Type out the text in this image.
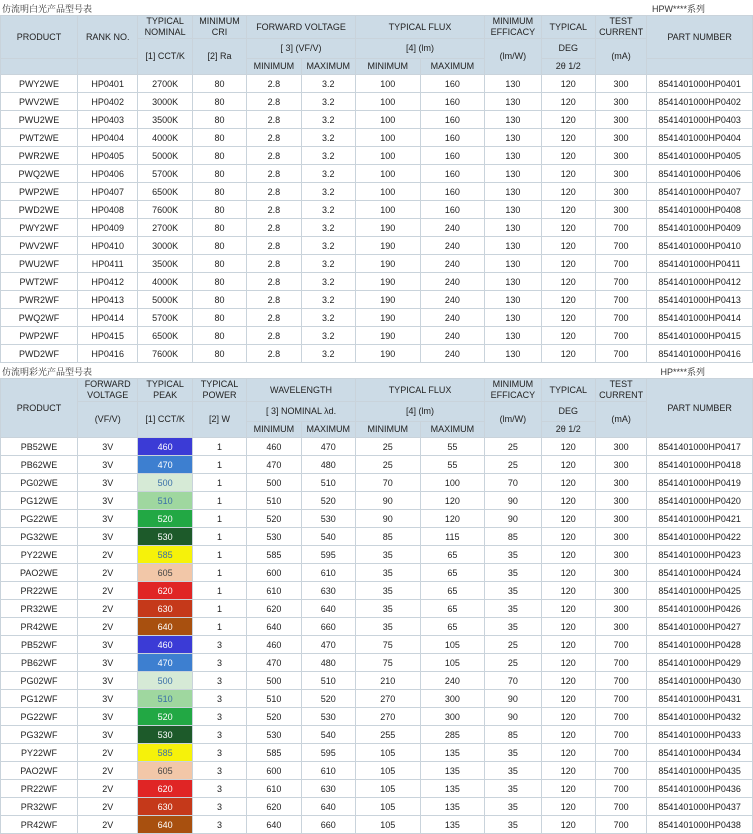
仿流明白光产品型号表	HPW****系列
PRODUCT	RANK NO.	TYPICAL NOMINAL	MINIMUM CRI	FORWARD VOLTAGE		TYPICAL FLUX		MINIMUM EFFICACY	TYPICAL	TEST CURRENT	PART NUMBER
		[1] CCT/K	[2] Ra	[ 3] (VF/V)		[4] (lm)		(lm/W)	DEG	(mA)	
				MINIMUM	MAXIMUM	MINIMUM	MAXIMUM		2θ 1/2		
PWY2WE	HP0401	2700K	80	2.8	3.2	100	160	130	120	300	8541401000HP0401
PWV2WE	HP0402	3000K	80	2.8	3.2	100	160	130	120	300	8541401000HP0402
PWU2WE	HP0403	3500K	80	2.8	3.2	100	160	130	120	300	8541401000HP0403
PWT2WE	HP0404	4000K	80	2.8	3.2	100	160	130	120	300	8541401000HP0404
PWR2WE	HP0405	5000K	80	2.8	3.2	100	160	130	120	300	8541401000HP0405
PWQ2WE	HP0406	5700K	80	2.8	3.2	100	160	130	120	300	8541401000HP0406
PWP2WE	HP0407	6500K	80	2.8	3.2	100	160	130	120	300	8541401000HP0407
PWD2WE	HP0408	7600K	80	2.8	3.2	100	160	130	120	300	8541401000HP0408
PWY2WF	HP0409	2700K	80	2.8	3.2	190	240	130	120	700	8541401000HP0409
PWV2WF	HP0410	3000K	80	2.8	3.2	190	240	130	120	700	8541401000HP0410
PWU2WF	HP0411	3500K	80	2.8	3.2	190	240	130	120	700	8541401000HP0411
PWT2WF	HP0412	4000K	80	2.8	3.2	190	240	130	120	700	8541401000HP0412
PWR2WF	HP0413	5000K	80	2.8	3.2	190	240	130	120	700	8541401000HP0413
PWQ2WF	HP0414	5700K	80	2.8	3.2	190	240	130	120	700	8541401000HP0414
PWP2WF	HP0415	6500K	80	2.8	3.2	190	240	130	120	700	8541401000HP0415
PWD2WF	HP0416	7600K	80	2.8	3.2	190	240	130	120	700	8541401000HP0416
仿流明彩光产品型号表	HP****系列
PRODUCT	FORWARD VOLTAGE	TYPICAL PEAK	TYPICAL POWER	WAVELENGTH		TYPICAL FLUX		MINIMUM EFFICACY	TYPICAL	TEST CURRENT	PART NUMBER
	(VF/V)	[1] CCT/K	[2] W	[ 3] NOMINAL λd.		[4] (lm)		(lm/W)	DEG	(mA)	
				MINIMUM	MAXIMUM	MINIMUM	MAXIMUM		2θ 1/2		
PB52WE	3V	460	1	460	470	25	55	25	120	300	8541401000HP0417
PB62WE	3V	470	1	470	480	25	55	25	120	300	8541401000HP0418
PG02WE	3V	500	1	500	510	70	100	70	120	300	8541401000HP0419
PG12WE	3V	510	1	510	520	90	120	90	120	300	8541401000HP0420
PG22WE	3V	520	1	520	530	90	120	90	120	300	8541401000HP0421
PG32WE	3V	530	1	530	540	85	115	85	120	300	8541401000HP0422
PY22WE	2V	585	1	585	595	35	65	35	120	300	8541401000HP0423
PAO2WE	2V	605	1	600	610	35	65	35	120	300	8541401000HP0424
PR22WE	2V	620	1	610	630	35	65	35	120	300	8541401000HP0425
PR32WE	2V	630	1	620	640	35	65	35	120	300	8541401000HP0426
PR42WE	2V	640	1	640	660	35	65	35	120	300	8541401000HP0427
PB52WF	3V	460	3	460	470	75	105	25	120	700	8541401000HP0428
PB62WF	3V	470	3	470	480	75	105	25	120	700	8541401000HP0429
PG02WF	3V	500	3	500	510	210	240	70	120	700	8541401000HP0430
PG12WF	3V	510	3	510	520	270	300	90	120	700	8541401000HP0431
PG22WF	3V	520	3	520	530	270	300	90	120	700	8541401000HP0432
PG32WF	3V	530	3	530	540	255	285	85	120	700	8541401000HP0433
PY22WF	2V	585	3	585	595	105	135	35	120	700	8541401000HP0434
PAO2WF	2V	605	3	600	610	105	135	35	120	700	8541401000HP0435
PR22WF	2V	620	3	610	630	105	135	35	120	700	8541401000HP0436
PR32WF	2V	630	3	620	640	105	135	35	120	700	8541401000HP0437
PR42WF	2V	640	3	640	660	105	135	35	120	700	8541401000HP0438
